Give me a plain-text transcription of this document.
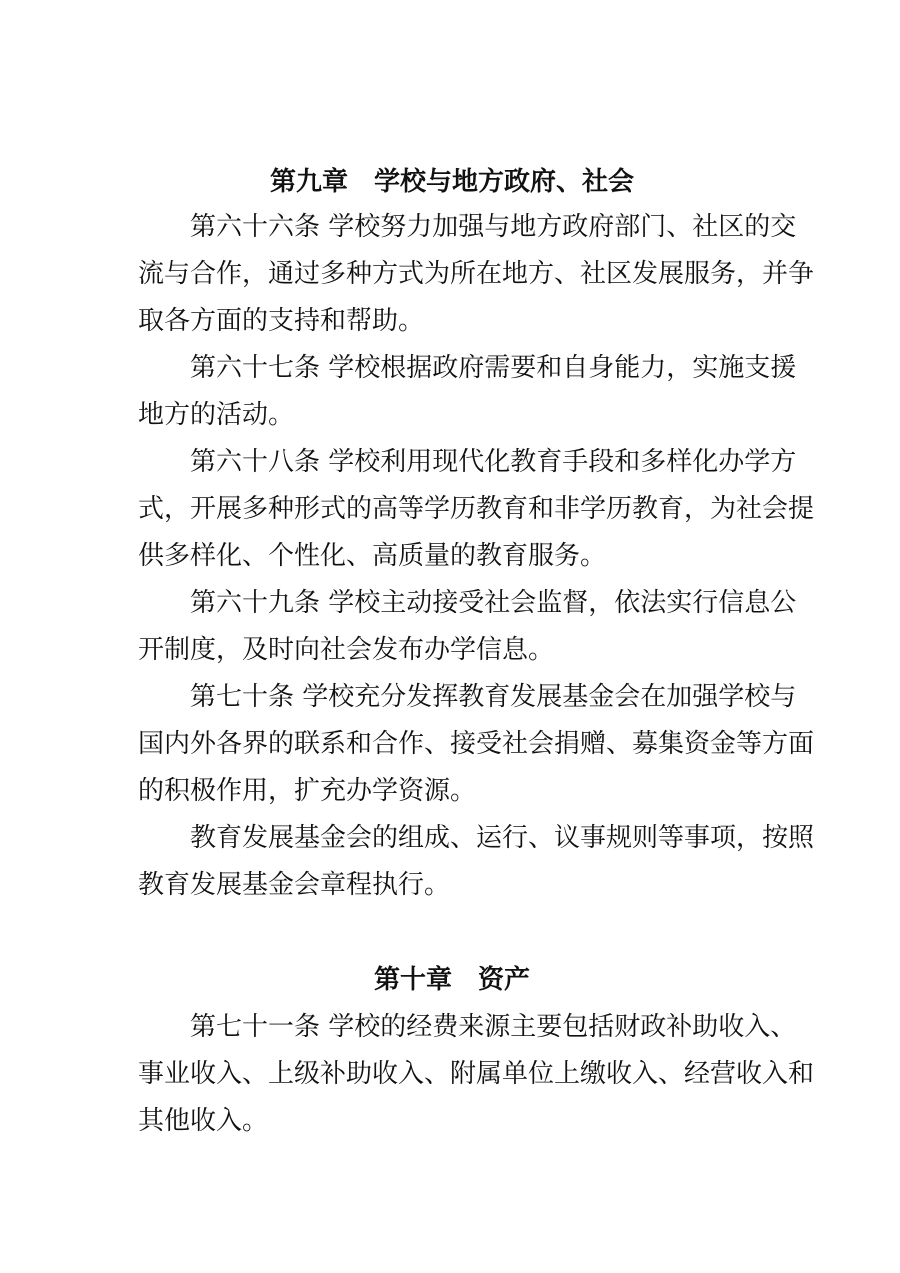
第九章 学校与地方政府、社会

第六十六条 学校努力加强与地方政府部门、社区的交

流与合作，通过多种方式为所在地方、社区发展服务，并争

取各方面的支持和帮助。

第六十七条 学校根据政府需要和自身能力，实施支援

地方的活动。

第六十八条 学校利用现代化教育手段和多样化办学方

式，开展多种形式的高等学历教育和非学历教育，为社会提

供多样化、个性化、高质量的教育服务。

第六十九条 学校主动接受社会监督，依法实行信息公

开制度，及时向社会发布办学信息。

第七十条 学校充分发挥教育发展基金会在加强学校与

国内外各界的联系和合作、接受社会捐赠、募集资金等方面

的积极作用，扩充办学资源。

教育发展基金会的组成、运行、议事规则等事项，按照

教育发展基金会章程执行。

第十章 资产

第七十一条 学校的经费来源主要包括财政补助收入、

事业收入、上级补助收入、附属单位上缴收入、经营收入和

其他收入。
